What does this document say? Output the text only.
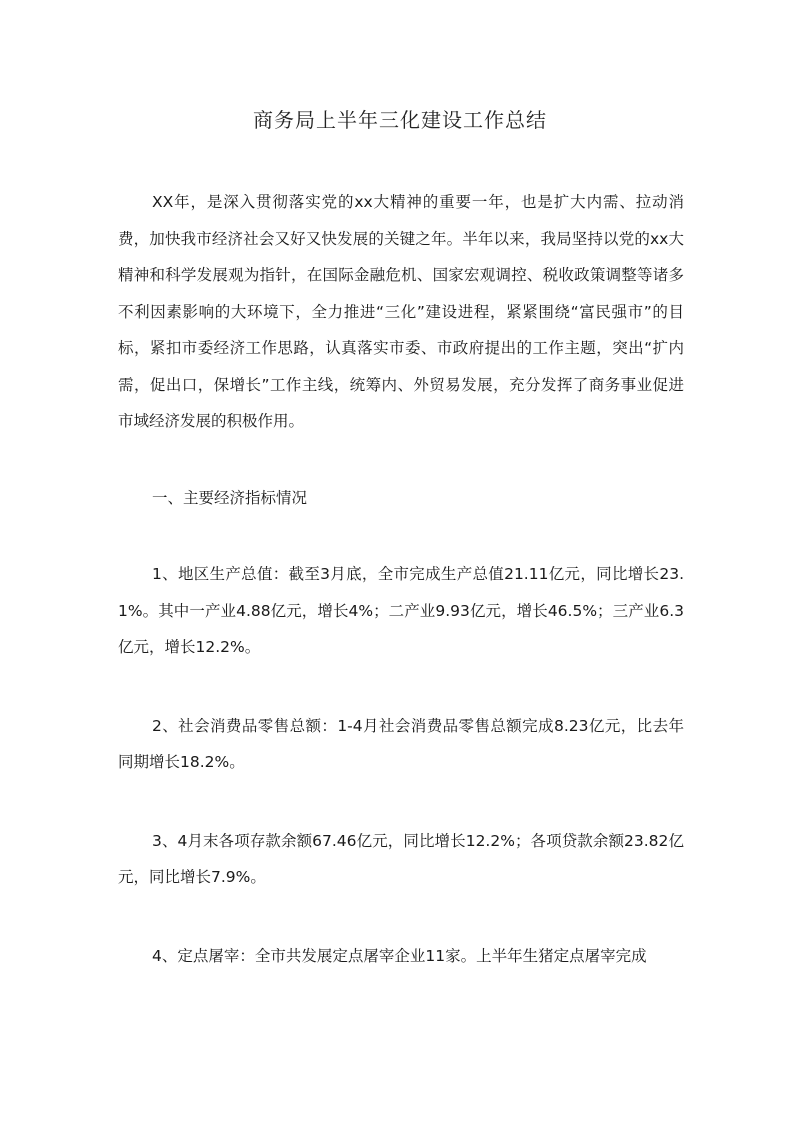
商务局上半年三化建设工作总结

XX年，是深入贯彻落实党的xx大精神的重要一年，也是扩大内需、拉动消费，加快我市经济社会又好又快发展的关键之年。半年以来，我局坚持以党的xx大精神和科学发展观为指针，在国际金融危机、国家宏观调控、税收政策调整等诸多不利因素影响的大环境下，全力推进“三化”建设进程，紧紧围绕“富民强市”的目标，紧扣市委经济工作思路，认真落实市委、市政府提出的工作主题，突出“扩内需，促出口，保增长”工作主线，统筹内、外贸易发展，充分发挥了商务事业促进市域经济发展的积极作用。

一、主要经济指标情况

1、地区生产总值：截至3月底，全市完成生产总值21.11亿元，同比增长23.1%。其中一产业4.88亿元，增长4%；二产业9.93亿元，增长46.5%；三产业6.3亿元，增长12.2%。

2、社会消费品零售总额：1-4月社会消费品零售总额完成8.23亿元，比去年同期增长18.2%。

3、4月末各项存款余额67.46亿元，同比增长12.2%；各项贷款余额23.82亿元，同比增长7.9%。

4、定点屠宰：全市共发展定点屠宰企业11家。上半年生猪定点屠宰完成
